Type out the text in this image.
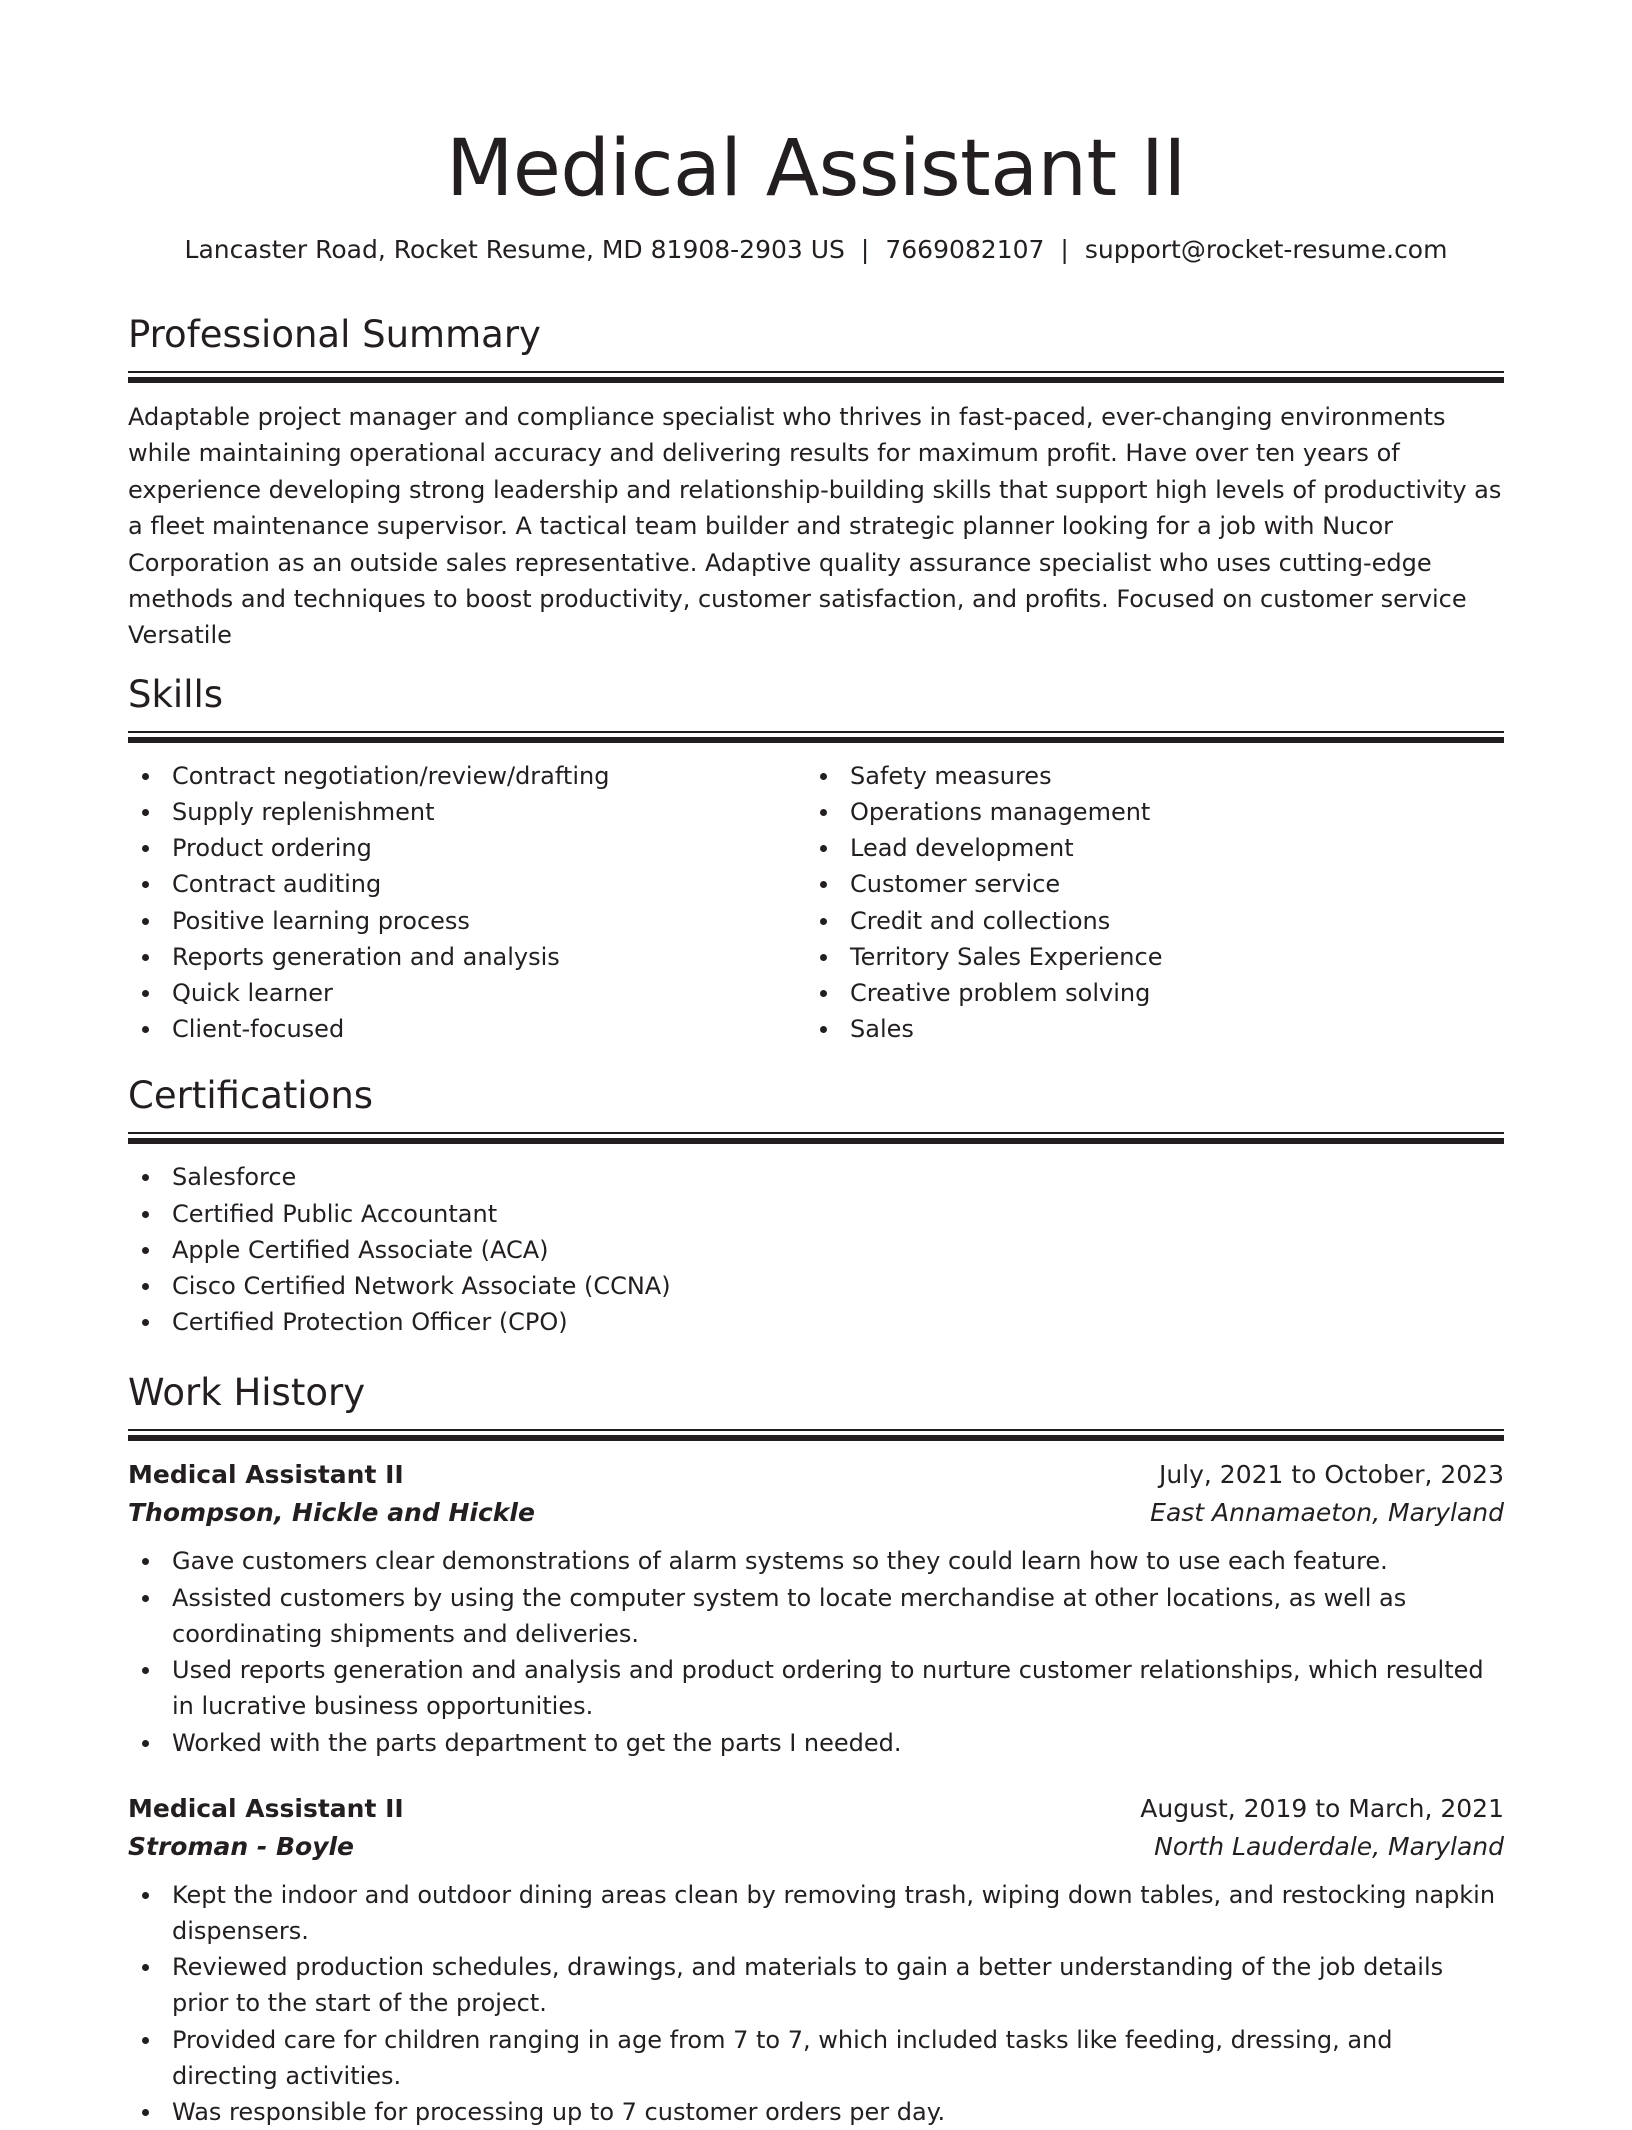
Medical Assistant II
Lancaster Road, Rocket Resume, MD 81908-2903 US | 7669082107 | support@rocket-resume.com
Professional Summary

Adaptable project manager and compliance specialist who thrives in fast-paced, ever-changing environments while maintaining operational accuracy and delivering results for maximum profit. Have over ten years of experience developing strong leadership and relationship-building skills that support high levels of productivity as a fleet maintenance supervisor. A tactical team builder and strategic planner looking for a job with Nucor Corporation as an outside sales representative. Adaptive quality assurance specialist who uses cutting-edge methods and techniques to boost productivity, customer satisfaction, and profits. Focused on customer service Versatile

Skills
Contract negotiation/review/drafting
Supply replenishment
Product ordering
Contract auditing
Positive learning process
Reports generation and analysis
Quick learner
Client-focused
Safety measures
Operations management
Lead development
Customer service
Credit and collections
Territory Sales Experience
Creative problem solving
Sales
Certifications
Salesforce
Certified Public Accountant
Apple Certified Associate (ACA)
Cisco Certified Network Associate (CCNA)
Certified Protection Officer (CPO)
Work History
Medical Assistant II	July, 2021 to October, 2023
Thompson, Hickle and Hickle	East Annamaeton, Maryland
Gave customers clear demonstrations of alarm systems so they could learn how to use each feature.
Assisted customers by using the computer system to locate merchandise at other locations, as well as coordinating shipments and deliveries.
Used reports generation and analysis and product ordering to nurture customer relationships, which resulted in lucrative business opportunities.
Worked with the parts department to get the parts I needed.
Medical Assistant II	August, 2019 to March, 2021
Stroman - Boyle	North Lauderdale, Maryland
Kept the indoor and outdoor dining areas clean by removing trash, wiping down tables, and restocking napkin dispensers.
Reviewed production schedules, drawings, and materials to gain a better understanding of the job details prior to the start of the project.
Provided care for children ranging in age from 7 to 7, which included tasks like feeding, dressing, and directing activities.
Was responsible for processing up to 7 customer orders per day.
